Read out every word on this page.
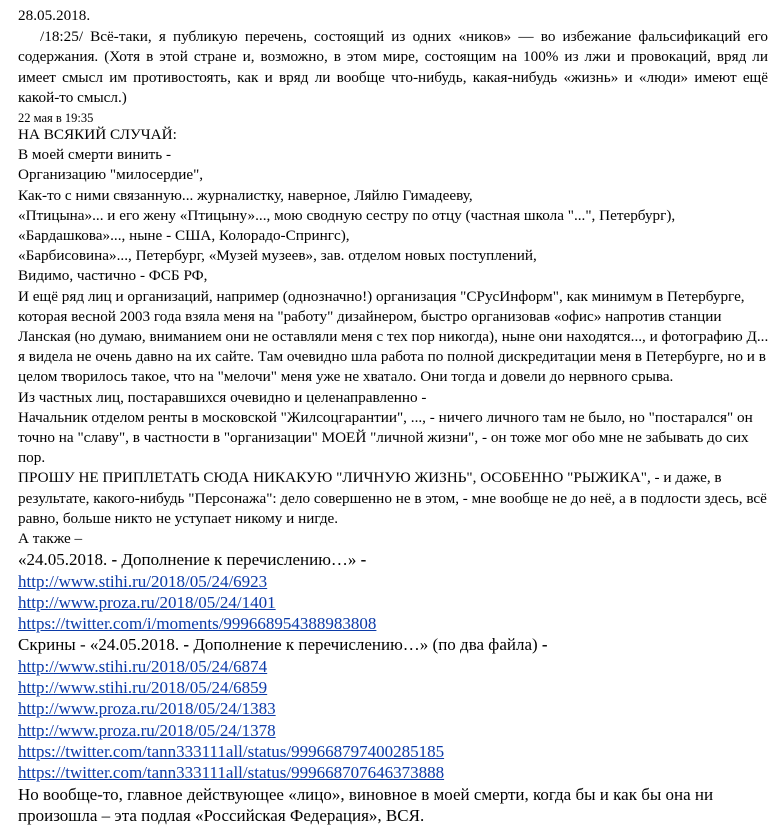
28.05.2018.
/18:25/ Всё-таки, я публикую перечень, состоящий из одних «ников» — во избежание фальсификаций его содержания. (Хотя в этой стране и, возможно, в этом мире, состоящим на 100% из лжи и провокаций, вряд ли имеет смысл им противостоять, как и вряд ли вообще что-нибудь, какая-нибудь «жизнь» и «люди» имеют ещё какой-то смысл.)
22 мая в 19:35
НА ВСЯКИЙ СЛУЧАЙ:
В моей смерти винить -
Организацию "милосердие",
Как-то с ними связанную... журналистку, наверное, Ляйлю Гимадееву,
«Птицына»... и его жену «Птицыну»..., мою сводную сестру по отцу (частная школа "...", Петербург),
«Бардашкова»..., ныне - США, Колорадо-Спрингс),
«Барбисовина»..., Петербург, «Музей музеев», зав. отделом новых поступлений,
Видимо, частично - ФСБ РФ,
И ещё ряд лиц и организаций, например (однозначно!) организация "СРусИнформ", как минимум в Петербурге, которая весной 2003 года взяла меня на "работу" дизайнером, быстро организовав «офис» напротив станции Ланская (но думаю, вниманием они не оставляли меня с тех пор никогда), ныне они находятся..., и фотографию Д... я видела не очень давно на их сайте. Там очевидно шла работа по полной дискредитации меня в Петербурге, но и в целом творилось такое, что на "мелочи" меня уже не хватало. Они тогда и довели до нервного срыва.
Из частных лиц, постаравшихся очевидно и целенаправленно -
Начальник отделом ренты в московской "Жилсоцгарантии", ..., - ничего личного там не было, но "постарался" он точно на "славу", в частности в "организации" МОЕЙ "личной жизни", - он тоже мог обо мне не забывать до сих пор.
ПРОШУ НЕ ПРИПЛЕТАТЬ СЮДА НИКАКУЮ "ЛИЧНУЮ ЖИЗНЬ", ОСОБЕННО "РЫЖИКА", - и даже, в результате, какого-нибудь "Персонажа": дело совершенно не в этом, - мне вообще не до неё, а в подлости здесь, всё равно, больше никто не уступает никому и нигде.
А также –
«24.05.2018. - Дополнение к перечислению…» -
http://www.stihi.ru/2018/05/24/6923
http://www.proza.ru/2018/05/24/1401
https://twitter.com/i/moments/999668954388983808
Скрины - «24.05.2018. - Дополнение к перечислению…» (по два файла) -
http://www.stihi.ru/2018/05/24/6874
http://www.stihi.ru/2018/05/24/6859
http://www.proza.ru/2018/05/24/1383
http://www.proza.ru/2018/05/24/1378
https://twitter.com/tann333111all/status/999668797400285185
https://twitter.com/tann333111all/status/999668707646373888
Но вообще-то, главное действующее «лицо», виновное в моей смерти, когда бы и как бы она ни произошла – эта подлая «Российская Федерация», ВСЯ.
